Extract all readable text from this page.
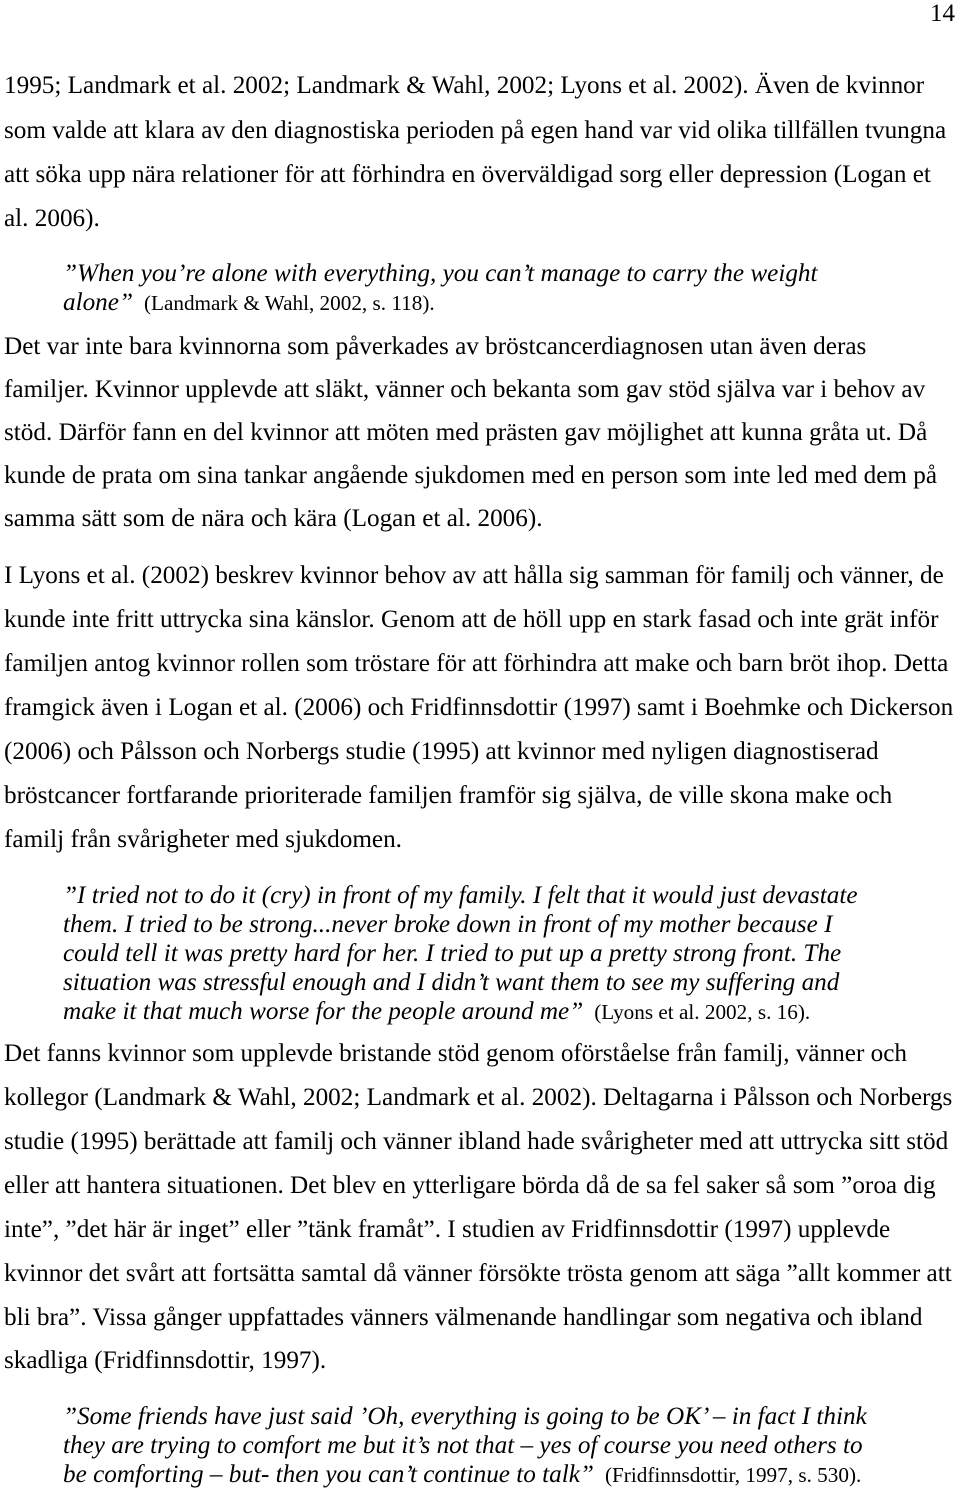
14
1995; Landmark et al. 2002; Landmark & Wahl, 2002; Lyons et al. 2002). Även de kvinnor
som valde att klara av den diagnostiska perioden på egen hand var vid olika tillfällen tvungna
att söka upp nära relationer för att förhindra en överväldigad sorg eller depression (Logan et
al. 2006).
”When you’re alone with everything, you can’t manage to carry the weight
alone” (Landmark & Wahl, 2002, s. 118).
Det var inte bara kvinnorna som påverkades av bröstcancerdiagnosen utan även deras
familjer. Kvinnor upplevde att släkt, vänner och bekanta som gav stöd själva var i behov av
stöd. Därför fann en del kvinnor att möten med prästen gav möjlighet att kunna gråta ut. Då
kunde de prata om sina tankar angående sjukdomen med en person som inte led med dem på
samma sätt som de nära och kära (Logan et al. 2006).
I Lyons et al. (2002) beskrev kvinnor behov av att hålla sig samman för familj och vänner, de
kunde inte fritt uttrycka sina känslor. Genom att de höll upp en stark fasad och inte grät inför
familjen antog kvinnor rollen som tröstare för att förhindra att make och barn bröt ihop. Detta
framgick även i Logan et al. (2006) och Fridfinnsdottir (1997) samt i Boehmke och Dickerson
(2006) och Pålsson och Norbergs studie (1995) att kvinnor med nyligen diagnostiserad
bröstcancer fortfarande prioriterade familjen framför sig själva, de ville skona make och
familj från svårigheter med sjukdomen.
”I tried not to do it (cry) in front of my family. I felt that it would just devastate
them. I tried to be strong...never broke down in front of my mother because I
could tell it was pretty hard for her. I tried to put up a pretty strong front. The
situation was stressful enough and I didn’t want them to see my suffering and
make it that much worse for the people around me” (Lyons et al. 2002, s. 16).
Det fanns kvinnor som upplevde bristande stöd genom oförståelse från familj, vänner och
kollegor (Landmark & Wahl, 2002; Landmark et al. 2002). Deltagarna i Pålsson och Norbergs
studie (1995) berättade att familj och vänner ibland hade svårigheter med att uttrycka sitt stöd
eller att hantera situationen. Det blev en ytterligare börda då de sa fel saker så som ”oroa dig
inte”, ”det här är inget” eller ”tänk framåt”. I studien av Fridfinnsdottir (1997) upplevde
kvinnor det svårt att fortsätta samtal då vänner försökte trösta genom att säga ”allt kommer att
bli bra”. Vissa gånger uppfattades vänners välmenande handlingar som negativa och ibland
skadliga (Fridfinnsdottir, 1997).
”Some friends have just said ’Oh, everything is going to be OK’ – in fact I think
they are trying to comfort me but it’s not that – yes of course you need others to
be comforting – but- then you can’t continue to talk” (Fridfinnsdottir, 1997, s. 530).
